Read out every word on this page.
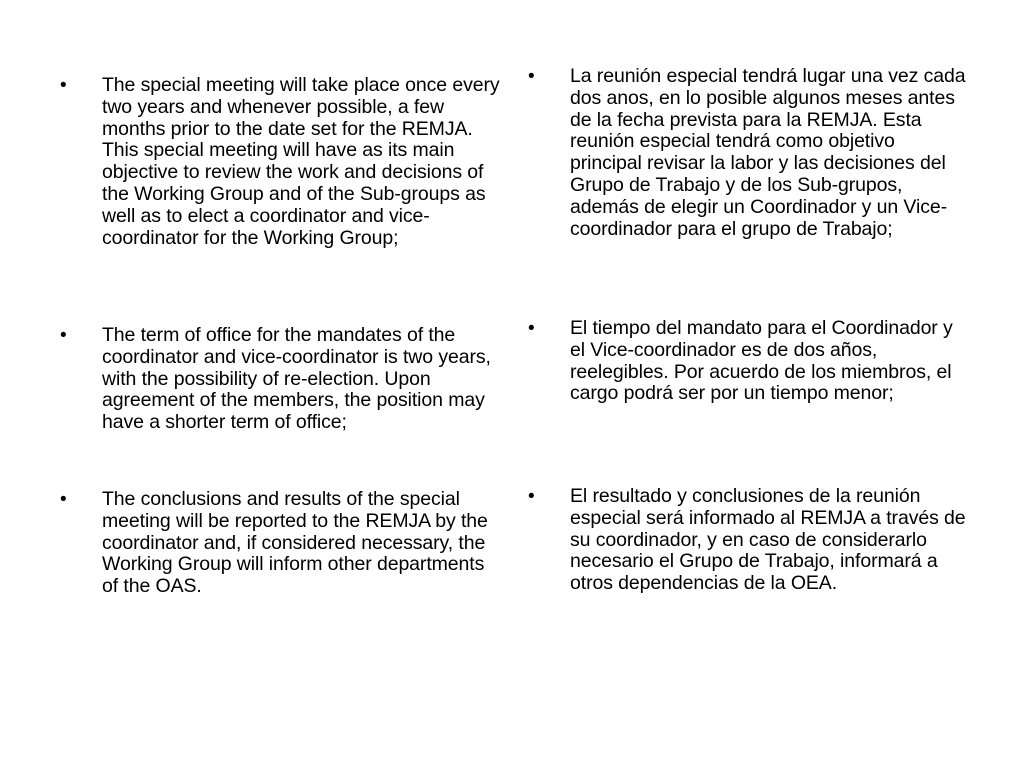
• The special meeting will take place once every two years and whenever possible, a few months prior to the date set for the REMJA. This special meeting will have as its main objective to review the work and decisions of the Working Group and of the Sub-groups as well as to elect a coordinator and vice-coordinator for the Working Group;
• The term of office for the mandates of the coordinator and vice-coordinator is two years, with the possibility of re-election. Upon agreement of the members, the position may have a shorter term of office;
• The conclusions and results of the special meeting will be reported to the REMJA by the coordinator and, if considered necessary, the Working Group will inform other departments of the OAS.
• La reunión especial tendrá lugar una vez cada dos anos, en lo posible algunos meses antes de la fecha prevista para la REMJA. Esta reunión especial tendrá como objetivo principal revisar la labor y las decisiones del Grupo de Trabajo y de los Sub-grupos, además de elegir un Coordinador y un Vice-coordinador para el grupo de Trabajo;
• El tiempo del mandato para el Coordinador y el Vice-coordinador es de dos años, reelegibles. Por acuerdo de los miembros, el cargo podrá ser por un tiempo menor;
• El resultado y conclusiones de la reunión especial será informado al REMJA a través de su coordinador, y en caso de considerarlo necesario el Grupo de Trabajo, informará a otros dependencias de la OEA.
